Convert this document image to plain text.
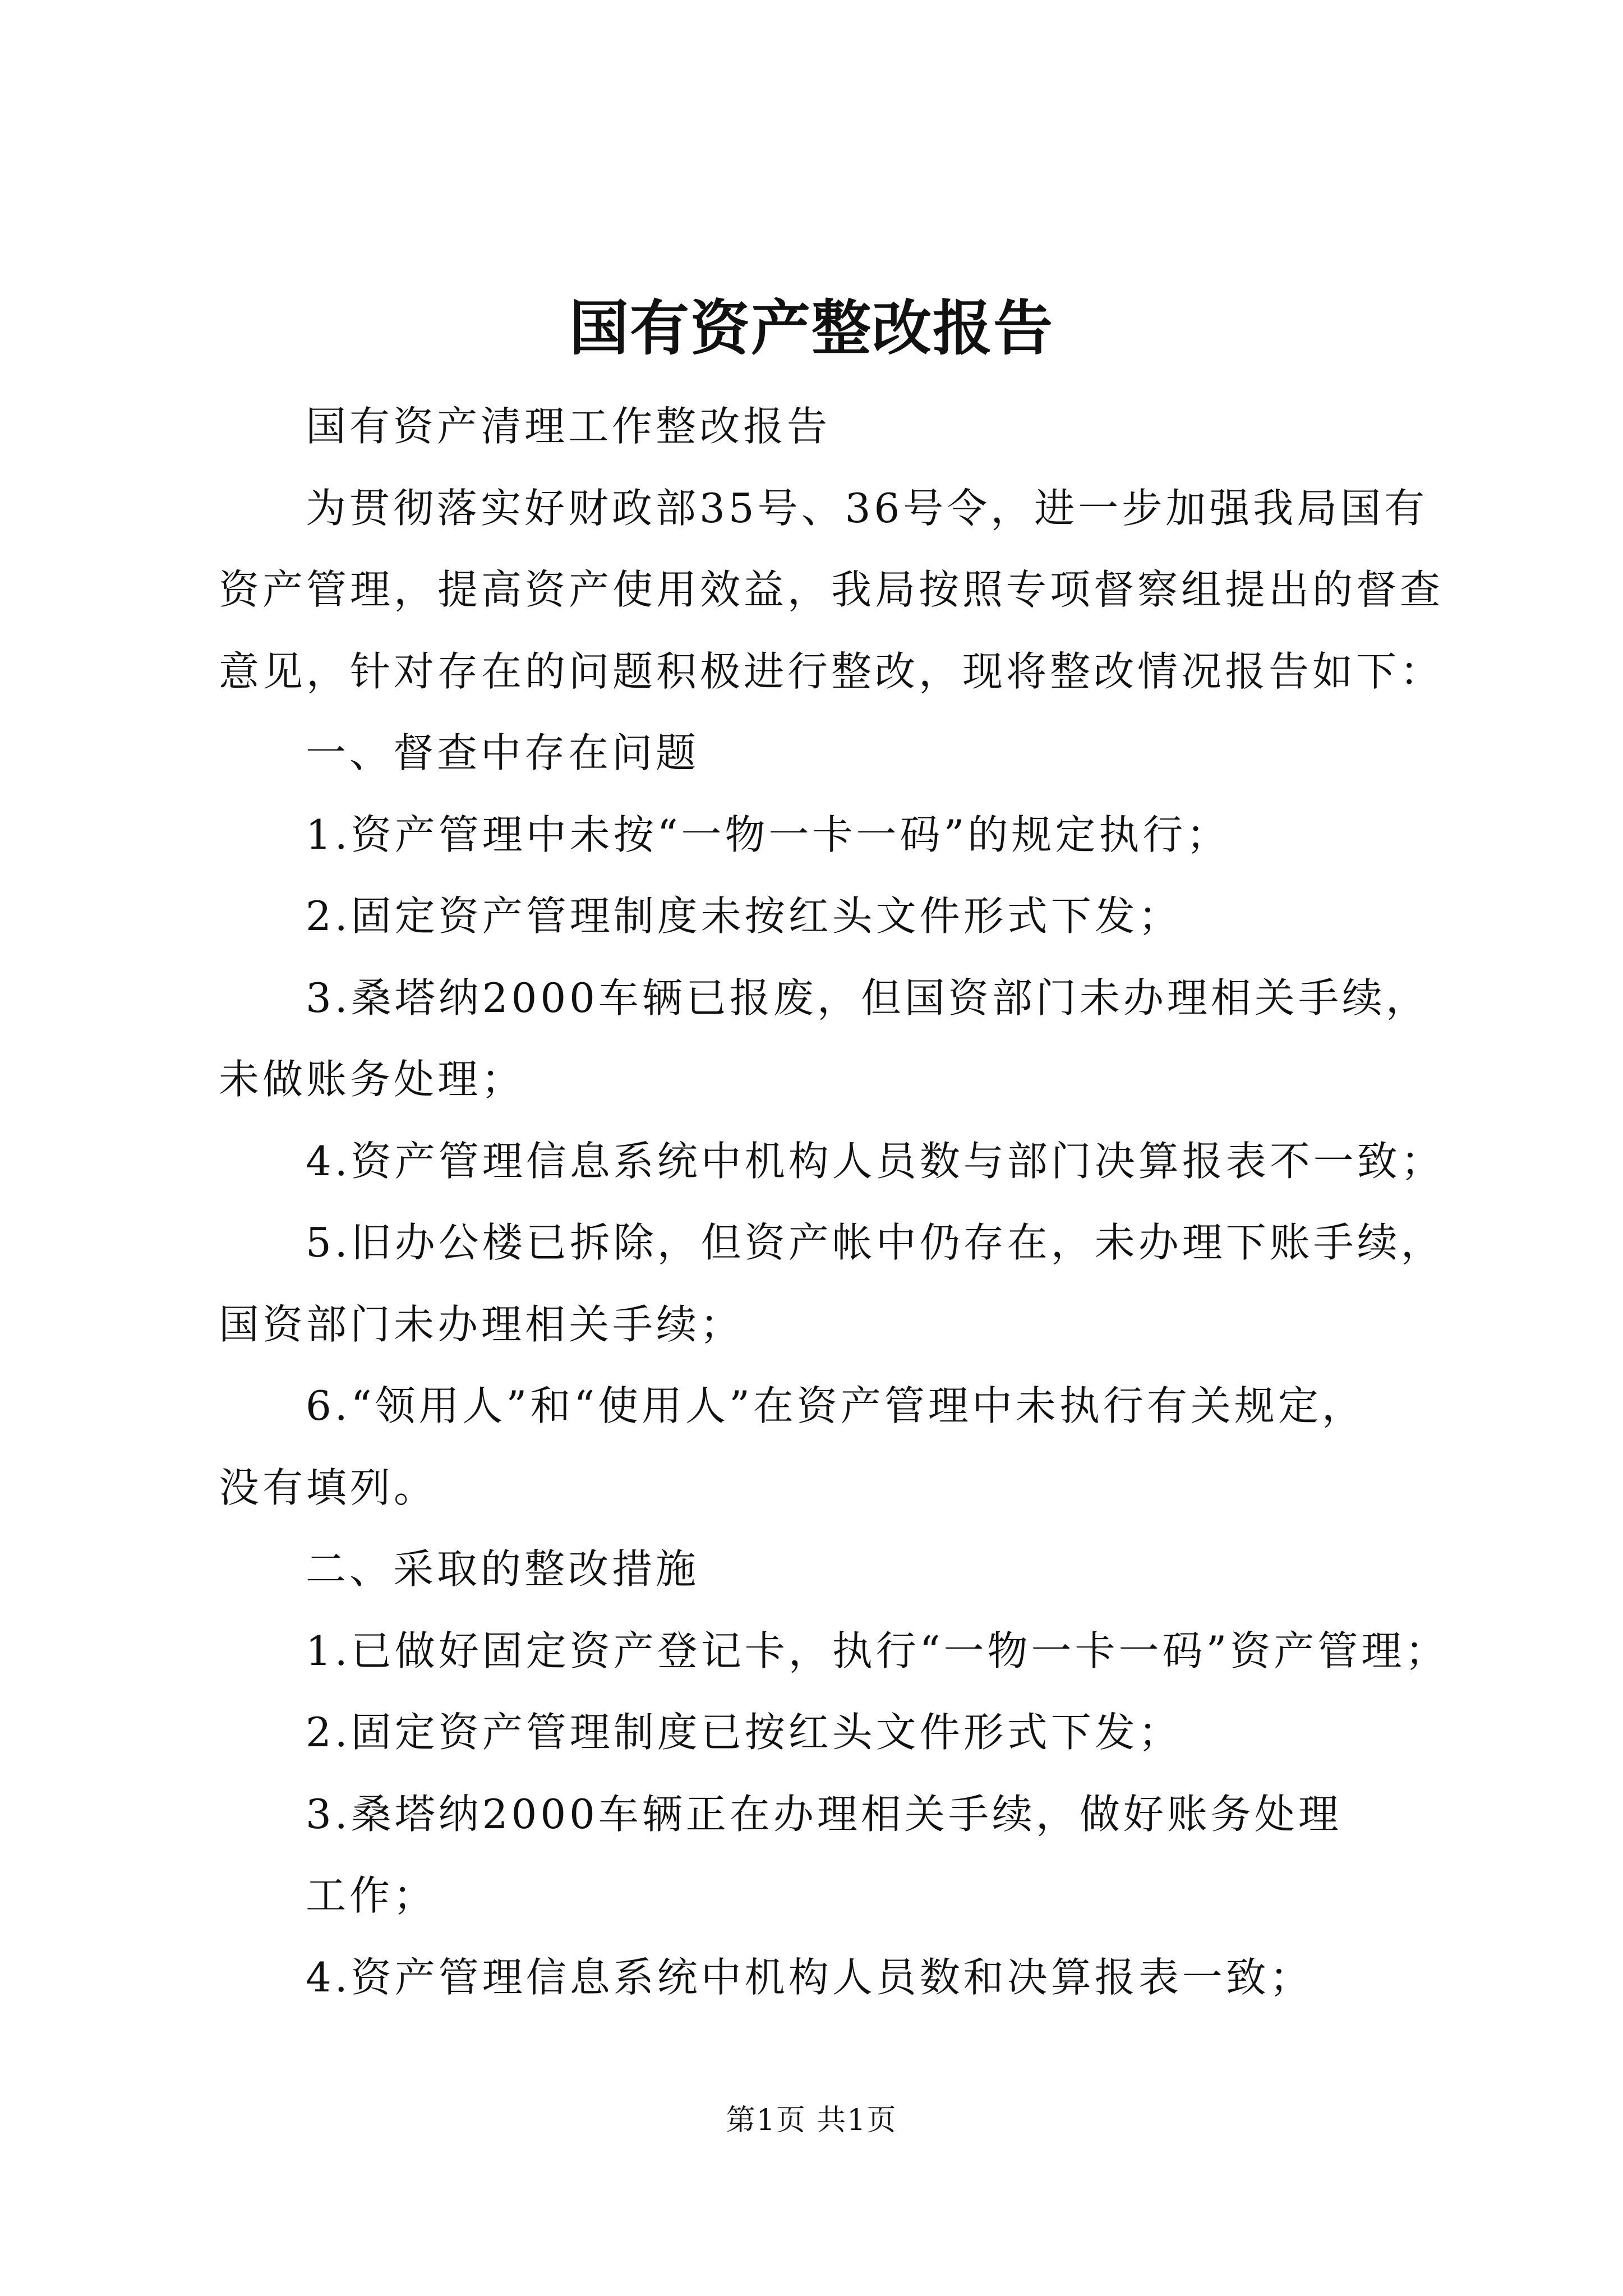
国有资产整改报告
国有资产清理工作整改报告
为贯彻落实好财政部35号、36号令，进一步加强我局国有
资产管理，提高资产使用效益，我局按照专项督察组提出的督查
意见，针对存在的问题积极进行整改，现将整改情况报告如下：
一、督查中存在问题
1.资产管理中未按“一物一卡一码”的规定执行；
2.固定资产管理制度未按红头文件形式下发；
3.桑塔纳2000车辆已报废，但国资部门未办理相关手续，
未做账务处理；
4.资产管理信息系统中机构人员数与部门决算报表不一致；
5.旧办公楼已拆除，但资产帐中仍存在，未办理下账手续，
国资部门未办理相关手续；
6.“领用人”和“使用人”在资产管理中未执行有关规定，
没有填列。
二、采取的整改措施
1.已做好固定资产登记卡，执行“一物一卡一码”资产管理；
2.固定资产管理制度已按红头文件形式下发；
3.桑塔纳2000车辆正在办理相关手续，做好账务处理
工作；
4.资产管理信息系统中机构人员数和决算报表一致；
第1页 共1页
